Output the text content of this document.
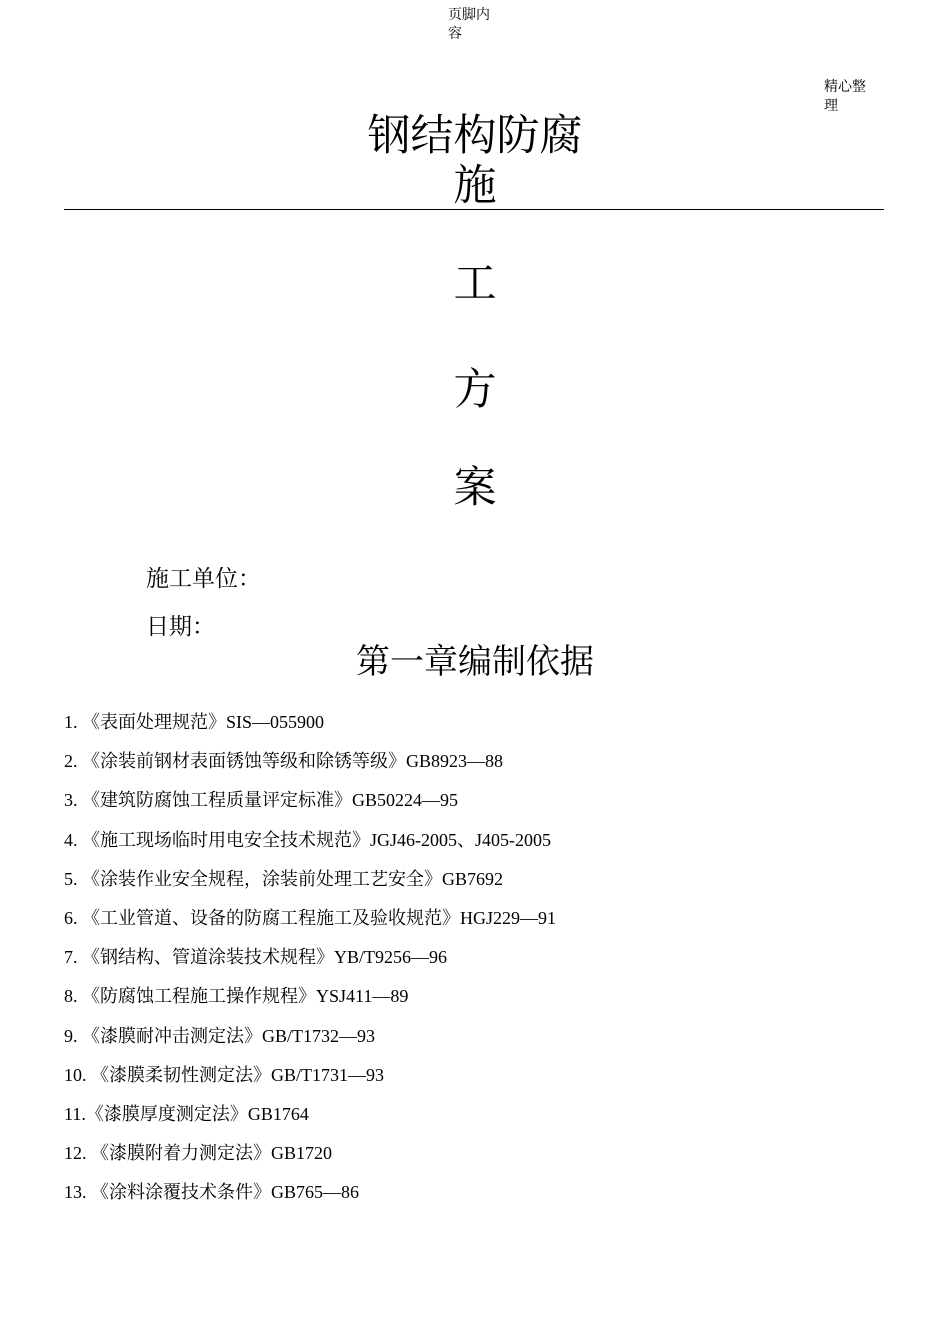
页脚内容
精心整理
钢结构防腐
施
工
方
案
施工单位：
日期：
第一章编制依据
1. 《表面处理规范》SIS—055900
2. 《涂装前钢材表面锈蚀等级和除锈等级》GB8923—88
3. 《建筑防腐蚀工程质量评定标准》GB50224—95
4. 《施工现场临时用电安全技术规范》JGJ46-2005、J405-2005
5. 《涂装作业安全规程，涂装前处理工艺安全》GB7692
6. 《工业管道、设备的防腐工程施工及验收规范》HGJ229—91
7. 《钢结构、管道涂装技术规程》YB/T9256—96
8. 《防腐蚀工程施工操作规程》YSJ411—89
9. 《漆膜耐冲击测定法》GB/T1732—93
10. 《漆膜柔韧性测定法》GB/T1731—93
11.《漆膜厚度测定法》GB1764
12. 《漆膜附着力测定法》GB1720
13. 《涂料涂覆技术条件》GB765—86
